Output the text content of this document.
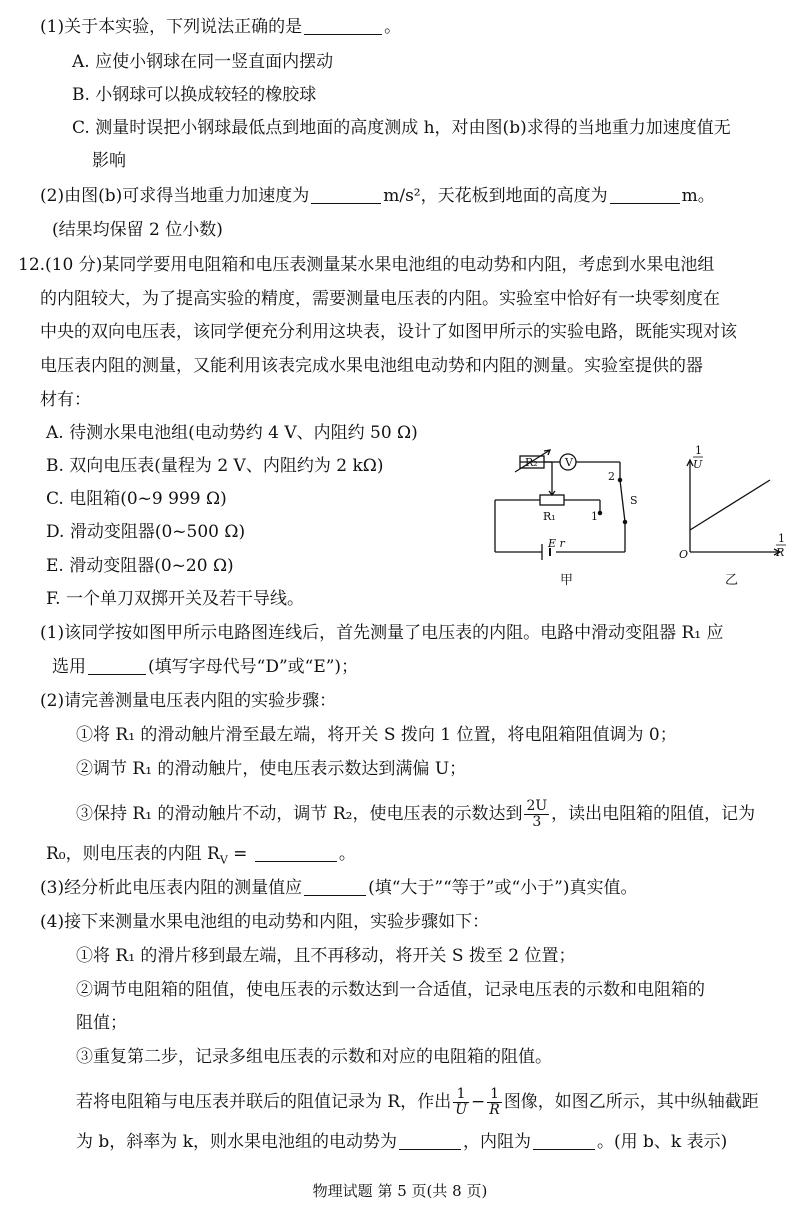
(1)关于本实验，下列说法正确的是	。
A. 应使小钢球在同一竖直面内摆动
B. 小钢球可以换成较轻的橡胶球
C. 测量时误把小钢球最低点到地面的高度测成 h，对由图(b)求得的当地重力加速度值无
影响
(2)由图(b)可求得当地重力加速度为	m/s²，天花板到地面的高度为	m。
(结果均保留 2 位小数)
12.(10 分)某同学要用电阻箱和电压表测量某水果电池组的电动势和内阻，考虑到水果电池组
的内阻较大，为了提高实验的精度，需要测量电压表的内阻。实验室中恰好有一块零刻度在
中央的双向电压表，该同学便充分利用这块表，设计了如图甲所示的实验电路，既能实现对该
电压表内阻的测量，又能利用该表完成水果电池组电动势和内阻的测量。实验室提供的器
材有：
A. 待测水果电池组(电动势约 4 V、内阻约 50 Ω)
B. 双向电压表(量程为 2 V、内阻约为 2 kΩ)
C. 电阻箱(0~9 999 Ω)
D. 滑动变阻器(0~500 Ω)
E. 滑动变阻器(0~20 Ω)
F. 一个单刀双掷开关及若干导线。
R₂ V
R₁
2
1
S
E r
甲
1
U
1
R
O
乙
(1)该同学按如图甲所示电路图连线后，首先测量了电压表的内阻。电路中滑动变阻器 R₁ 应
选用	(填写字母代号“D”或“E”)；
(2)请完善测量电压表内阻的实验步骤：
①将 R₁ 的滑动触片滑至最左端，将开关 S 拨向 1 位置，将电阻箱阻值调为 0；
②调节 R₁ 的滑动触片，使电压表示数达到满偏 U；
③保持 R₁ 的滑动触片不动，调节 R₂，使电压表的示数达到 $\frac{2U}{3}$ ，读出电阻箱的阻值，记为
R₀，则电压表的内阻 $R_V$ =	。
(3)经分析此电压表内阻的测量值应	(填“大于”“等于”或“小于”)真实值。
(4)接下来测量水果电池组的电动势和内阻，实验步骤如下：
①将 R₁ 的滑片移到最左端，且不再移动，将开关 S 拨至 2 位置；
②调节电阻箱的阻值，使电压表的示数达到一合适值，记录电压表的示数和电阻箱的
阻值；
③重复第二步，记录多组电压表的示数和对应的电阻箱的阻值。
若将电阻箱与电压表并联后的阻值记录为 R，作出 $\frac{1}{U} - \frac{1}{R}$ 图像，如图乙所示，其中纵轴截距
为 b，斜率为 k，则水果电池组的电动势为	，内阻为	。(用 b、k 表示)
物理试题 第 5 页(共 8 页)
